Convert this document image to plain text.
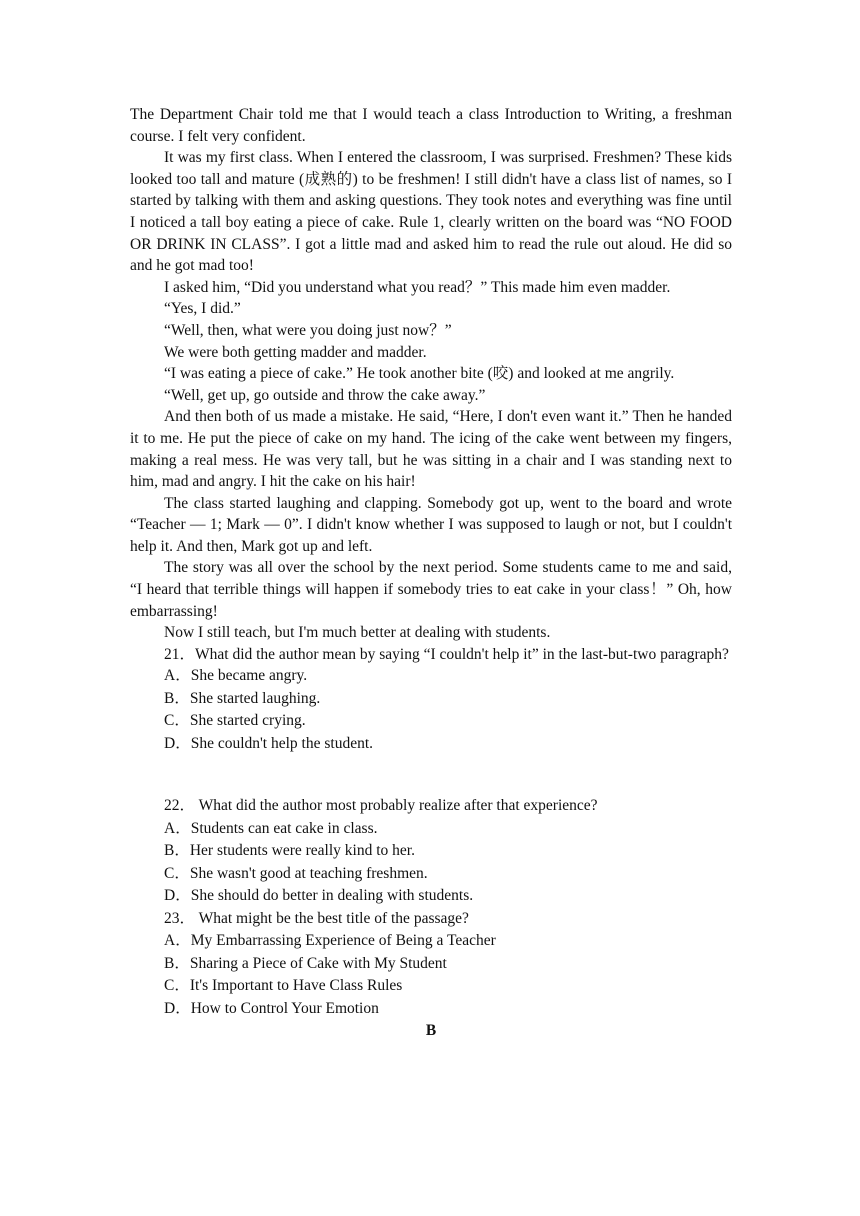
The Department Chair told me that I would teach a class Introduction to Writing, a freshman course. I felt very confident.

It was my first class. When I entered the classroom, I was surprised. Freshmen? These kids looked too tall and mature (成熟的) to be freshmen! I still didn't have a class list of names, so I started by talking with them and asking questions. They took notes and everything was fine until I noticed a tall boy eating a piece of cake. Rule 1, clearly written on the board was “NO FOOD OR DRINK IN CLASS”. I got a little mad and asked him to read the rule out aloud. He did so and he got mad too!

I asked him, “Did you understand what you read？” This made him even madder.

“Yes, I did.”

“Well, then, what were you doing just now？”

We were both getting madder and madder.

“I was eating a piece of cake.” He took another bite (咬) and looked at me angrily.

“Well, get up, go outside and throw the cake away.”

And then both of us made a mistake. He said, “Here, I don't even want it.” Then he handed it to me. He put the piece of cake on my hand. The icing of the cake went between my fingers, making a real mess. He was very tall, but he was sitting in a chair and I was standing next to him, mad and angry. I hit the cake on his hair!

The class started laughing and clapping. Somebody got up, went to the board and wrote “Teacher — 1; Mark — 0”. I didn't know whether I was supposed to laugh or not, but I couldn't help it. And then, Mark got up and left.

The story was all over the school by the next period. Some students came to me and said, “I heard that terrible things will happen if somebody tries to eat cake in your class！” Oh, how embarrassing!

Now I still teach, but I'm much better at dealing with students.

21．What did the author mean by saying “I couldn't help it” in the last-but-two paragraph?

A．She became angry.

B．She started laughing.

C．She started crying.

D．She couldn't help the student.

22． What did the author most probably realize after that experience?

A．Students can eat cake in class.

B．Her students were really kind to her.

C．She wasn't good at teaching freshmen.

D．She should do better in dealing with students.

23． What might be the best title of the passage?

A．My Embarrassing Experience of Being a Teacher

B．Sharing a Piece of Cake with My Student

C．It's Important to Have Class Rules

D．How to Control Your Emotion

B
